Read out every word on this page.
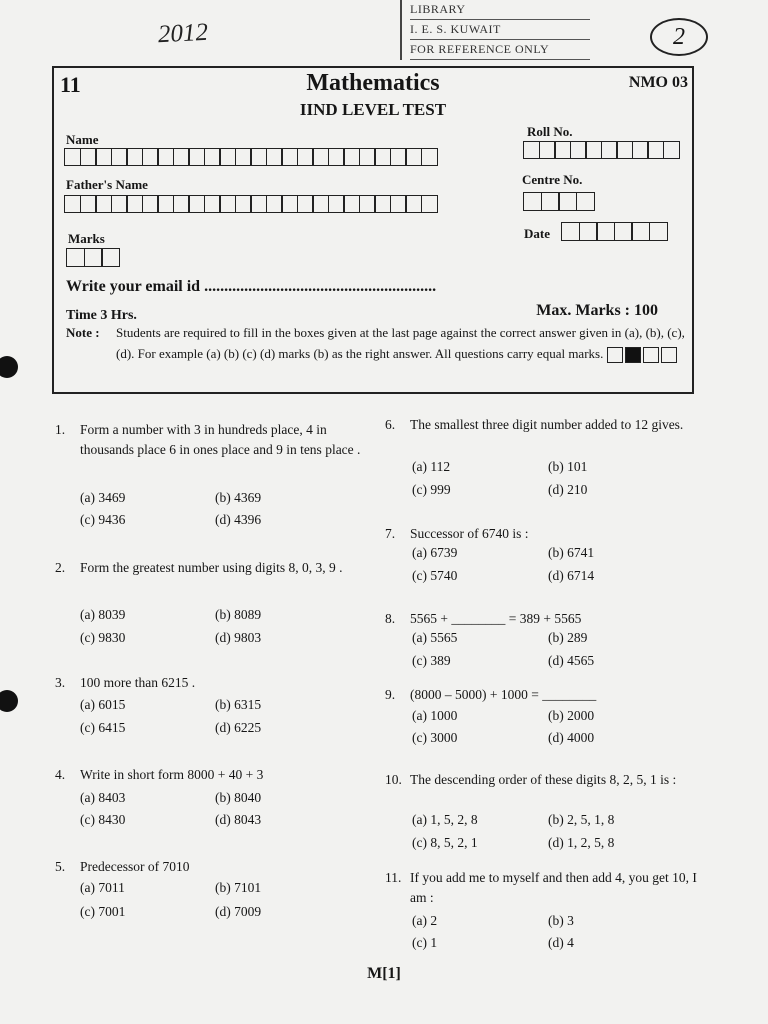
2012	2
LIBRARY
I. E. S. KUWAIT
FOR REFERENCE ONLY
11	Mathematics	NMO 03
IIND LEVEL TEST
Name
Roll No.
Father's Name	Centre No.
Marks	Date
Write your email id ..........................................................
Time 3 Hrs.	Max. Marks : 100
Note : Students are required to fill in the boxes given at the last page against the correct answer given in (a), (b), (c), (d). For example (a) (b) (c) (d) marks (b) as the right answer. All questions carry equal marks.
1. Form a number with 3 in hundreds place, 4 in thousands place 6 in ones place and 9 in tens place .
(a) 3469	(b) 4369
(c) 9436	(d) 4396
2. Form the greatest number using digits 8, 0, 3, 9 .
(a) 8039	(b) 8089
(c) 9830	(d) 9803
3. 100 more than 6215 .
(a) 6015	(b) 6315
(c) 6415	(d) 6225
4. Write in short form 8000 + 40 + 3
(a) 8403	(b) 8040
(c) 8430	(d) 8043
5. Predecessor of 7010
(a) 7011	(b) 7101
(c) 7001	(d) 7009
6. The smallest three digit number added to 12 gives.
(a) 112	(b) 101
(c) 999	(d) 210
7. Successor of 6740 is :
(a) 6739	(b) 6741
(c) 5740	(d) 6714
8. 5565 + ________ = 389 + 5565
(a) 5565	(b) 289
(c) 389	(d) 4565
9. (8000 – 5000) + 1000 = ________
(a) 1000	(b) 2000
(c) 3000	(d) 4000
10. The descending order of these digits 8, 2, 5, 1 is :
(a) 1, 5, 2, 8	(b) 2, 5, 1, 8
(c) 8, 5, 2, 1	(d) 1, 2, 5, 8
11. If you add me to myself and then add 4, you get 10, I am :
(a) 2	(b) 3
(c) 1	(d) 4
M[1]
